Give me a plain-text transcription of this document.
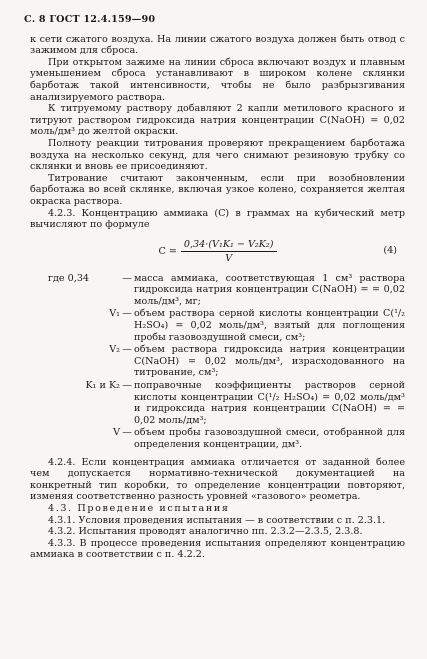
С. 8 ГОСТ 12.4.159—90

к сети сжатого воздуха. На линии сжатого воздуха должен быть отвод с зажимом для сброса.

При открытом зажиме на линии сброса включают воздух и плавным уменьшением сброса устанавливают в широком колене склянки барботаж такой интенсивности, чтобы не было разбрызгивания анализируемого раствора.

К титруемому раствору добавляют 2 капли метилового красного и титруют раствором гидроксида натрия концентрации C(NaOH) = 0,02 моль/дм³ до желтой окраски.

Полноту реакции титрования проверяют прекращением барботажа воздуха на несколько секунд, для чего снимают резиновую трубку со склянки и вновь ее присоединяют.

Титрование считают законченным, если при возобновлении барботажа во всей склянке, включая узкое колено, сохраняется желтая окраска раствора.

4.2.3. Концентрацию аммиака (C) в граммах на кубический метр вычисляют по формуле

$C = \frac{\text{0,34·(V₁K₁ − V₂K₂)}}{V}$	(4)
где 0,34	— масса аммиака, соответствующая 1 см³ раствора гидроксида натрия концентрации C(NaOH) = = 0,02 моль/дм³, мг;
V₁ — объем раствора серной кислоты концентрации C(¹/₂ H₂SO₄) = 0,02 моль/дм³, взятый для поглощения пробы газовоздушной смеси, см³;
V₂ — объем раствора гидроксида натрия концентрации C(NaOH) = 0,02 моль/дм³, израсходованного на титрование, см³;
K₁ и K₂ — поправочные коэффициенты растворов серной кислоты концентрации C(¹/₂ H₂SO₄) = 0,02 моль/дм³ и гидроксида натрия концентрации C(NaOH) = = 0,02 моль/дм³;
V — объем пробы газовоздушной смеси, отобранной для определения концентрации, дм³.

4.2.4. Если концентрация аммиака отличается от заданной более чем допускается нормативно-технической документацией на конкретный тип коробки, то определение концентрации повторяют, изменяя соответственно разность уровней «газового» реометра.

4.3. Проведение испытания

4.3.1. Условия проведения испытания — в соответствии с п. 2.3.1.

4.3.2. Испытания проводят аналогично пп. 2.3.2—2.3.5, 2.3.8.

4.3.3. В процессе проведения испытания определяют концентрацию аммиака в соответствии с п. 4.2.2.
